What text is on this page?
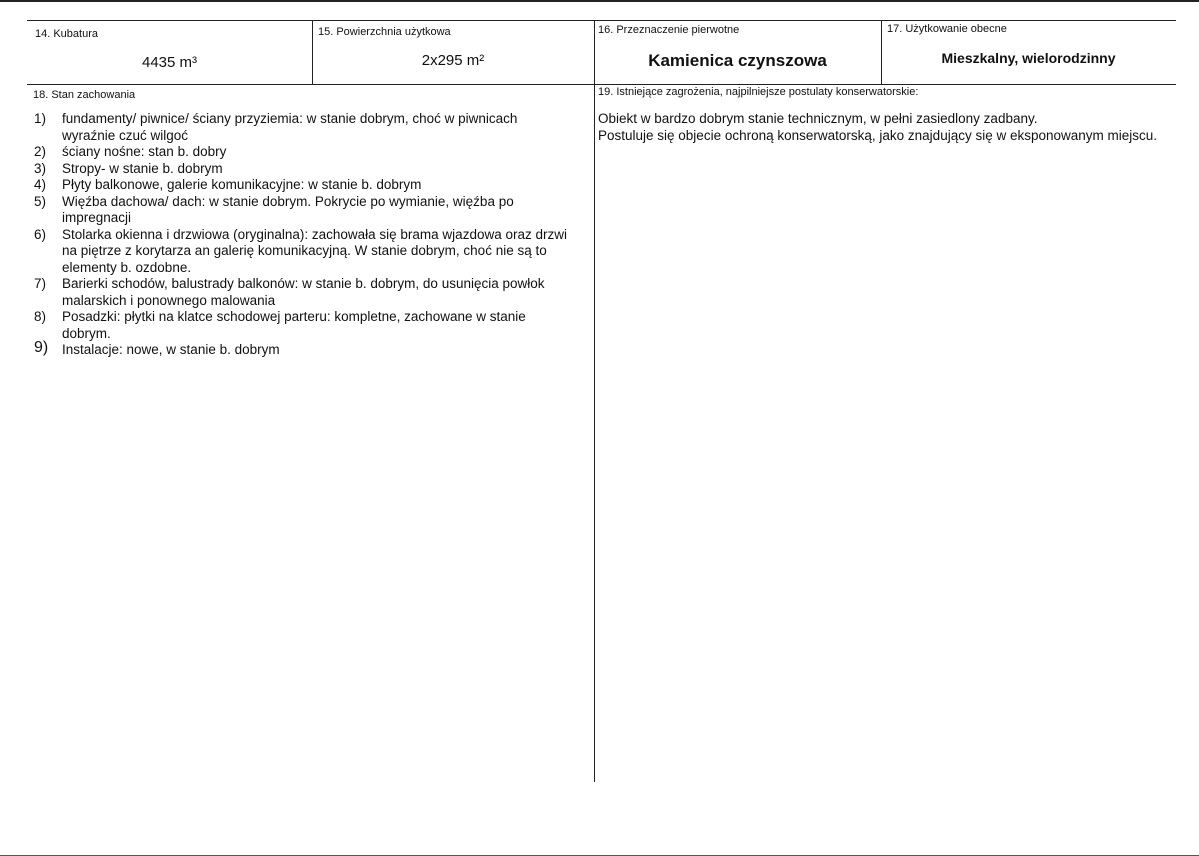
14. Kubatura
4435 m³
15. Powierzchnia użytkowa
2x295 m²
16. Przeznaczenie pierwotne
Kamienica czynszowa
17. Użytkowanie obecne
Mieszkalny, wielorodzinny
18. Stan zachowania
1) fundamenty/ piwnice/ ściany przyziemia: w stanie dobrym, choć w piwnicach wyraźnie czuć wilgoć
2) ściany nośne: stan b. dobry
3) Stropy- w stanie b. dobrym
4) Płyty balkonowe, galerie komunikacyjne: w stanie b. dobrym
5) Więźba dachowa/ dach: w stanie dobrym. Pokrycie po wymianie, więźba po impregnacji
6) Stolarka okienna i drzwiowa (oryginalna): zachowała się brama wjazdowa oraz drzwi na piętrze z korytarza an galerię komunikacyjną. W stanie dobrym, choć nie są to elementy b. ozdobne.
7) Barierki schodów, balustrady balkonów: w stanie b. dobrym, do usunięcia powłok malarskich i ponownego malowania
8) Posadzki: płytki na klatce schodowej parteru: kompletne, zachowane w stanie dobrym.
9) Instalacje: nowe, w stanie b. dobrym
19. Istniejące zagrożenia, najpilniejsze postulaty konserwatorskie:

Obiekt w bardzo dobrym stanie technicznym, w pełni zasiedlony zadbany.

Postuluje się objecie ochroną konserwatorską, jako znajdujący się w eksponowanym miejscu.
